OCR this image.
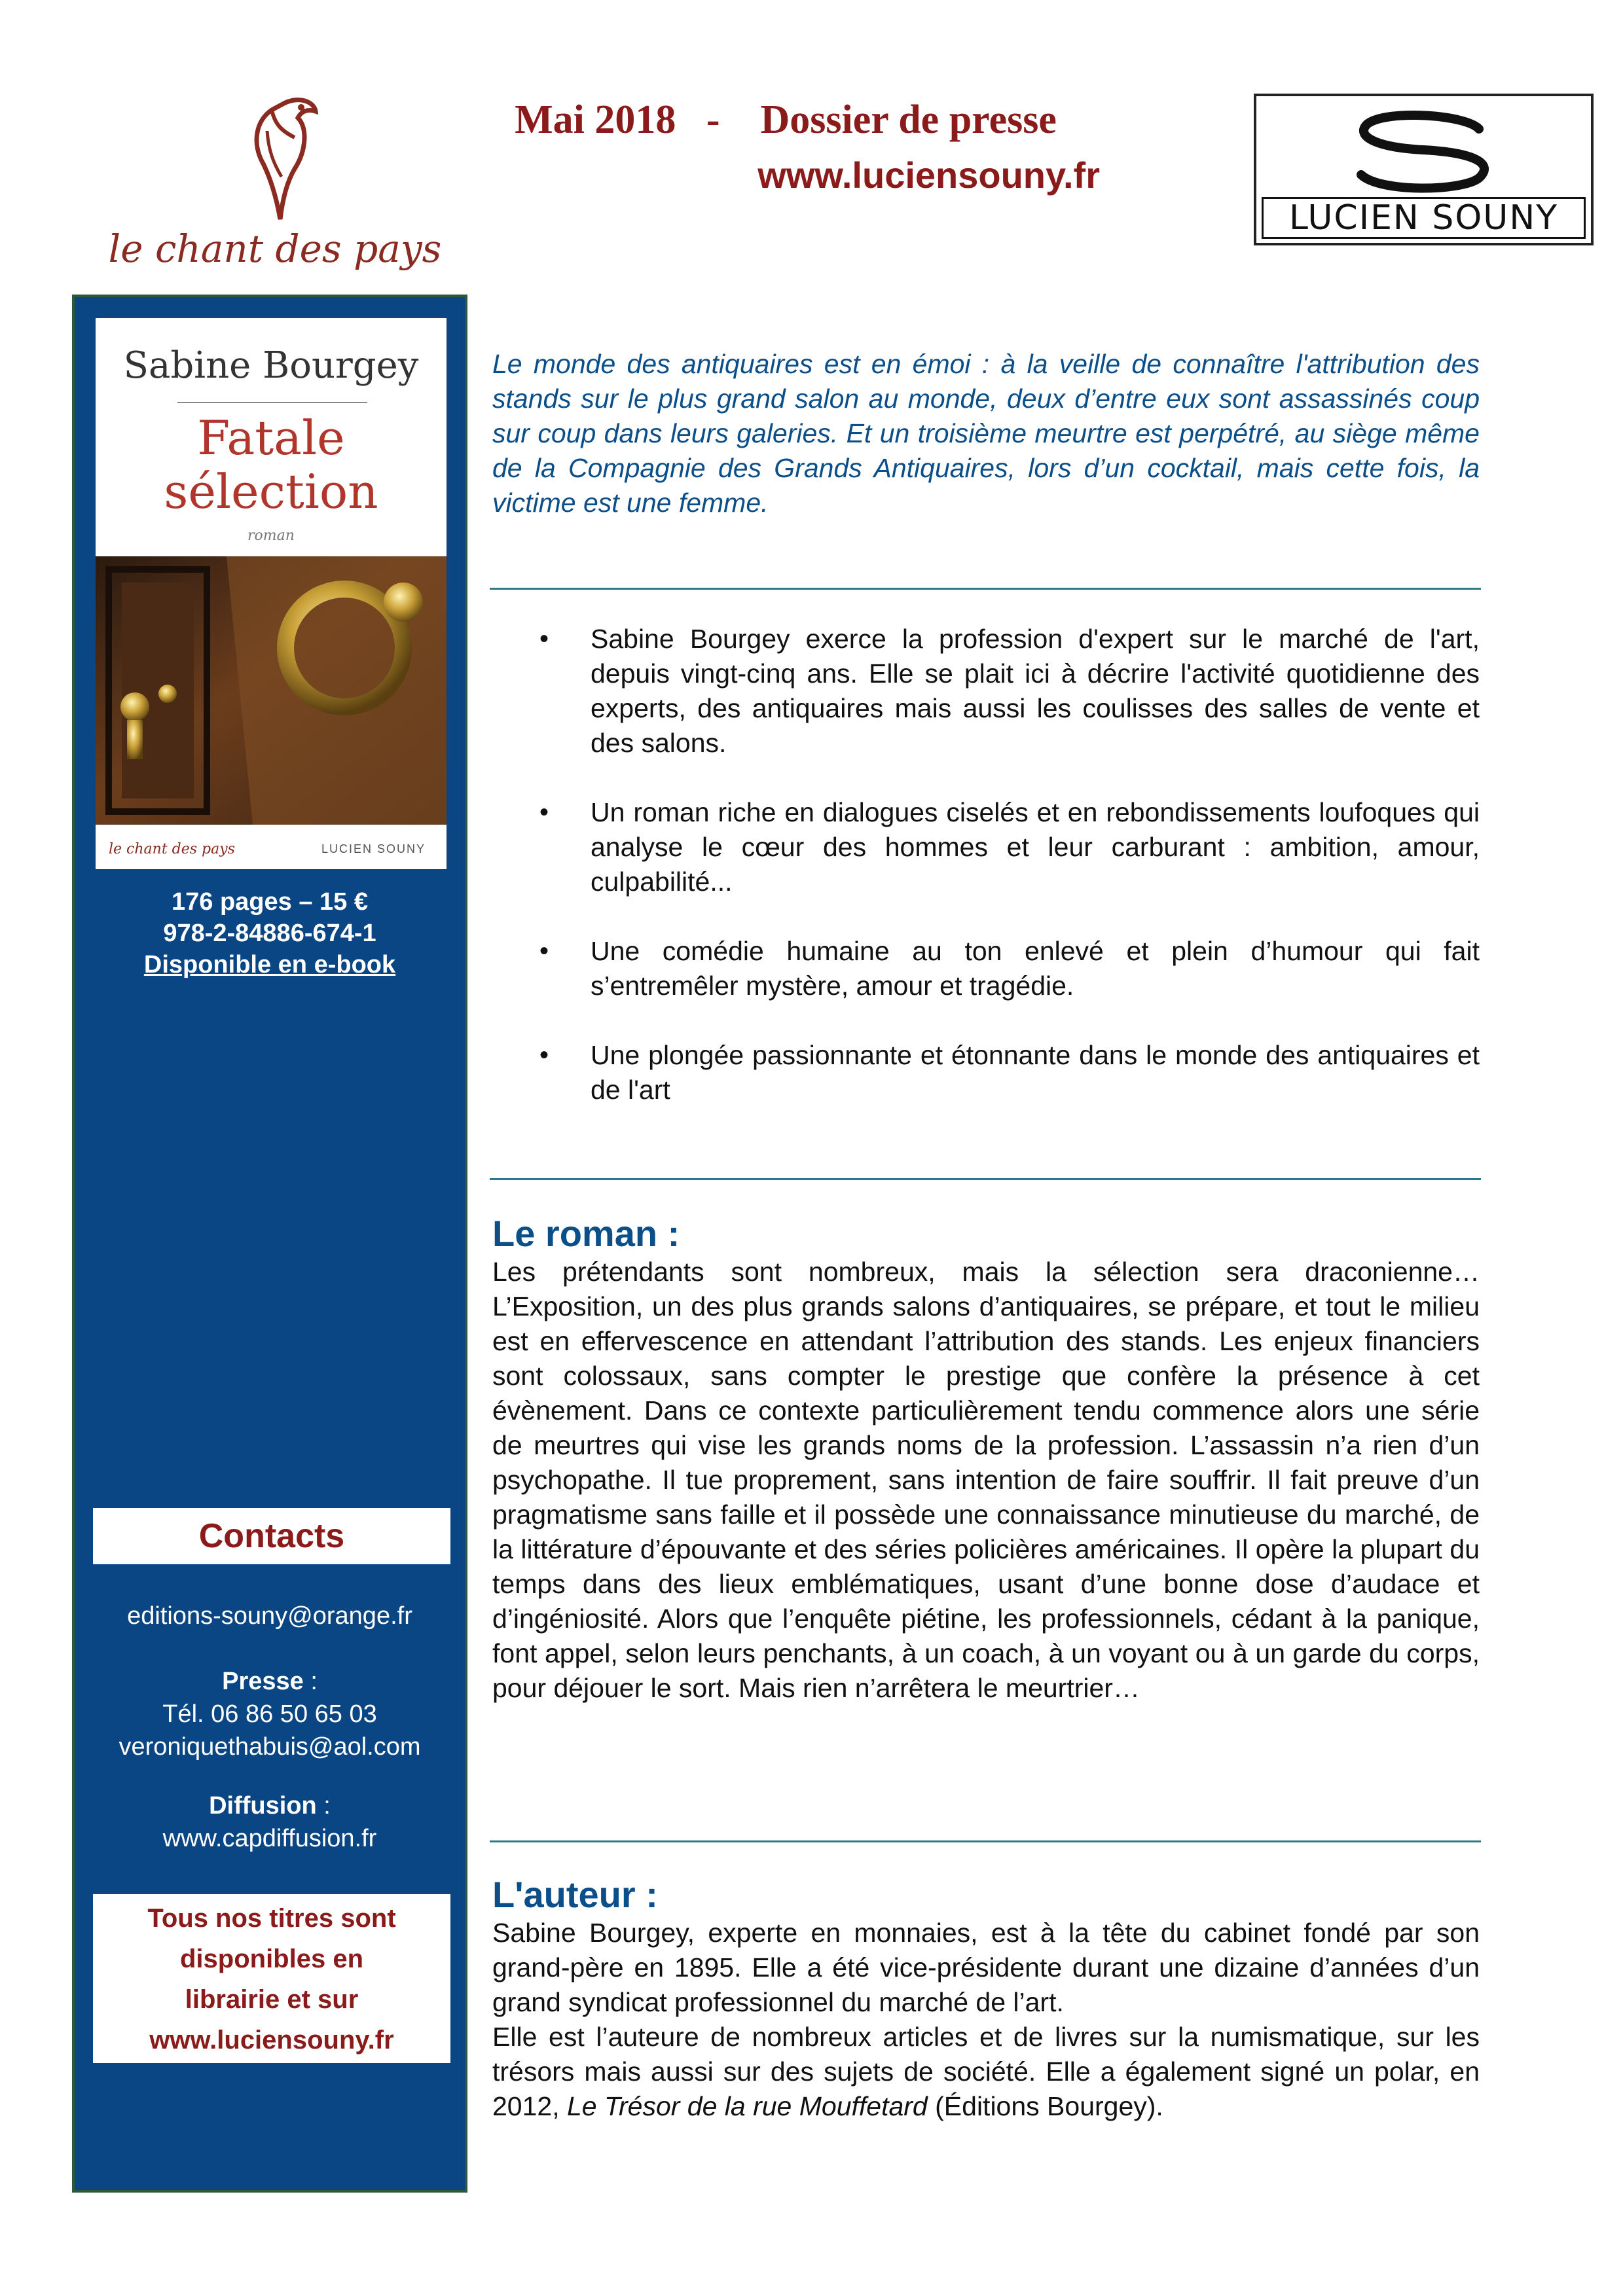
le chant des pays
Mai 2018   -    Dossier de presse
www.luciensouny.fr
LUCIEN SOUNY
Sabine Bourgey
Fatale
sélection
roman
le chant des pays	LUCIEN SOUNY
176 pages – 15 €
978-2-84886-674-1
Disponible en e-book
Contacts
editions-souny@orange.fr
Presse :
Tél. 06 86 50 65 03
veroniquethabuis@aol.com
Diffusion :
www.capdiffusion.fr
Tous nos titres sont
disponibles en
librairie et sur
www.luciensouny.fr
Le monde des antiquaires est en émoi : à la veille de connaître l'attribution des stands sur le plus grand salon au monde, deux d’entre eux sont assassinés coup sur coup dans leurs galeries. Et un troisième meurtre est perpétré, au siège même de la Compagnie des Grands Antiquaires, lors d’un cocktail, mais cette fois, la victime est une femme.
• Sabine Bourgey exerce la profession d'expert sur le marché de l'art, depuis vingt-cinq ans. Elle se plait ici à décrire l'activité quotidienne des experts, des antiquaires mais aussi les coulisses des salles de vente et des salons.
• Un roman riche en dialogues ciselés et en rebondissements loufoques qui analyse le cœur des hommes et leur carburant : ambition, amour, culpabilité...
• Une comédie humaine au ton enlevé et plein d’humour qui fait s’entremêler mystère, amour et tragédie.
• Une plongée passionnante et étonnante dans le monde des antiquaires et de l'art
Le roman :
Les prétendants sont nombreux, mais la sélection sera draconienne… L’Exposition, un des plus grands salons d’antiquaires, se prépare, et tout le milieu est en effervescence en attendant l’attribution des stands. Les enjeux financiers sont colossaux, sans compter le prestige que confère la présence à cet évènement. Dans ce contexte particulièrement tendu commence alors une série de meurtres qui vise les grands noms de la profession. L’assassin n’a rien d’un psychopathe. Il tue proprement, sans intention de faire souffrir. Il fait preuve d’un pragmatisme sans faille et il possède une connaissance minutieuse du marché, de la littérature d’épouvante et des séries policières américaines. Il opère la plupart du temps dans des lieux emblématiques, usant d’une bonne dose d’audace et d’ingéniosité. Alors que l’enquête piétine, les professionnels, cédant à la panique, font appel, selon leurs penchants, à un coach, à un voyant ou à un garde du corps, pour déjouer le sort. Mais rien n’arrêtera le meurtrier…
L'auteur :

Sabine Bourgey, experte en monnaies, est à la tête du cabinet fondé par son grand-père en 1895. Elle a été vice-présidente durant une dizaine d’années d’un grand syndicat professionnel du marché de l’art.

Elle est l’auteure de nombreux articles et de livres sur la numismatique, sur les trésors mais aussi sur des sujets de société. Elle a également signé un polar, en 2012, Le Trésor de la rue Mouffetard (Éditions Bourgey).
